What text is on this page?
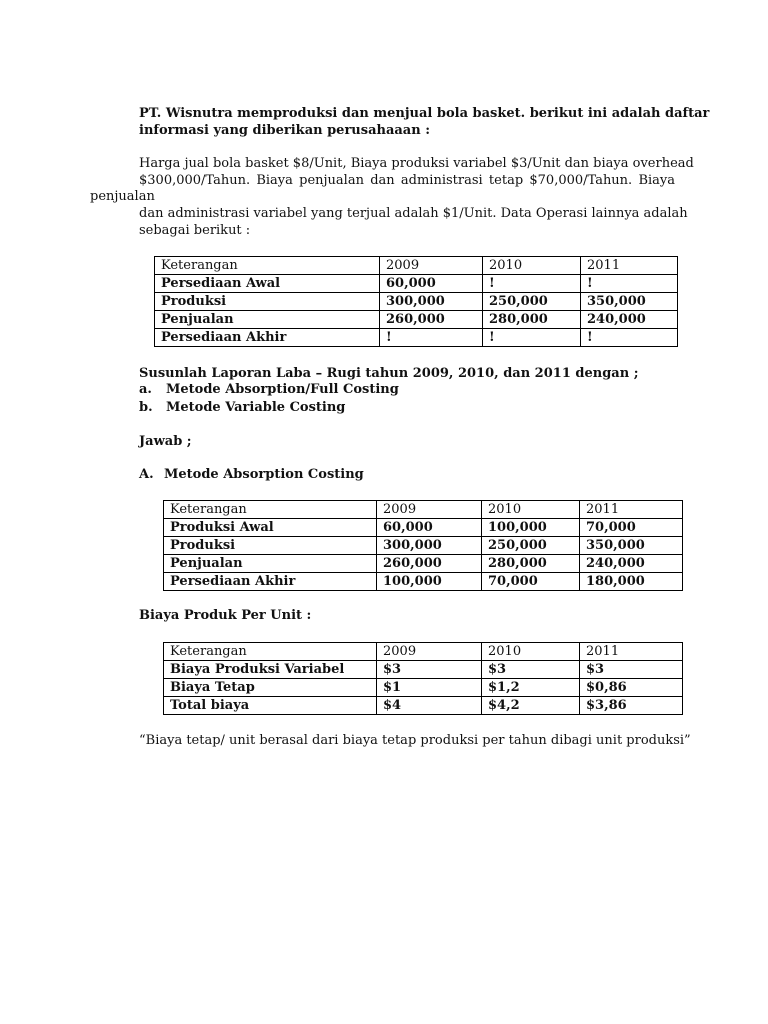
PT. Wisnutra memproduksi dan menjual bola basket. berikut ini adalah daftar
informasi yang diberikan perusahaaan :
Harga jual bola basket $8/Unit, Biaya produksi variabel $3/Unit dan biaya overhead
$300,000/Tahun. Biaya penjualan dan administrasi tetap $70,000/Tahun. Biaya
penjualan
dan administrasi variabel yang terjual adalah $1/Unit. Data Operasi lainnya adalah
sebagai berikut :
Keterangan	2009	2010	2011
Persediaan Awal	60,000	!	!
Produksi	300,000	250,000	350,000
Penjualan	260,000	280,000	240,000
Persediaan Akhir	!	!	!
Susunlah Laporan Laba – Rugi tahun 2009, 2010, dan 2011 dengan ;
a. Metode Absorption/Full Costing
b. Metode Variable Costing
Jawab ;
A. Metode Absorption Costing
Keterangan	2009	2010	2011
Produksi Awal	60,000	100,000	70,000
Produksi	300,000	250,000	350,000
Penjualan	260,000	280,000	240,000
Persediaan Akhir	100,000	70,000	180,000
Biaya Produk Per Unit :
Keterangan	2009	2010	2011
Biaya Produksi Variabel	$3	$3	$3
Biaya Tetap	$1	$1,2	$0,86
Total biaya	$4	$4,2	$3,86
“Biaya tetap/ unit berasal dari biaya tetap produksi per tahun dibagi unit produksi”
